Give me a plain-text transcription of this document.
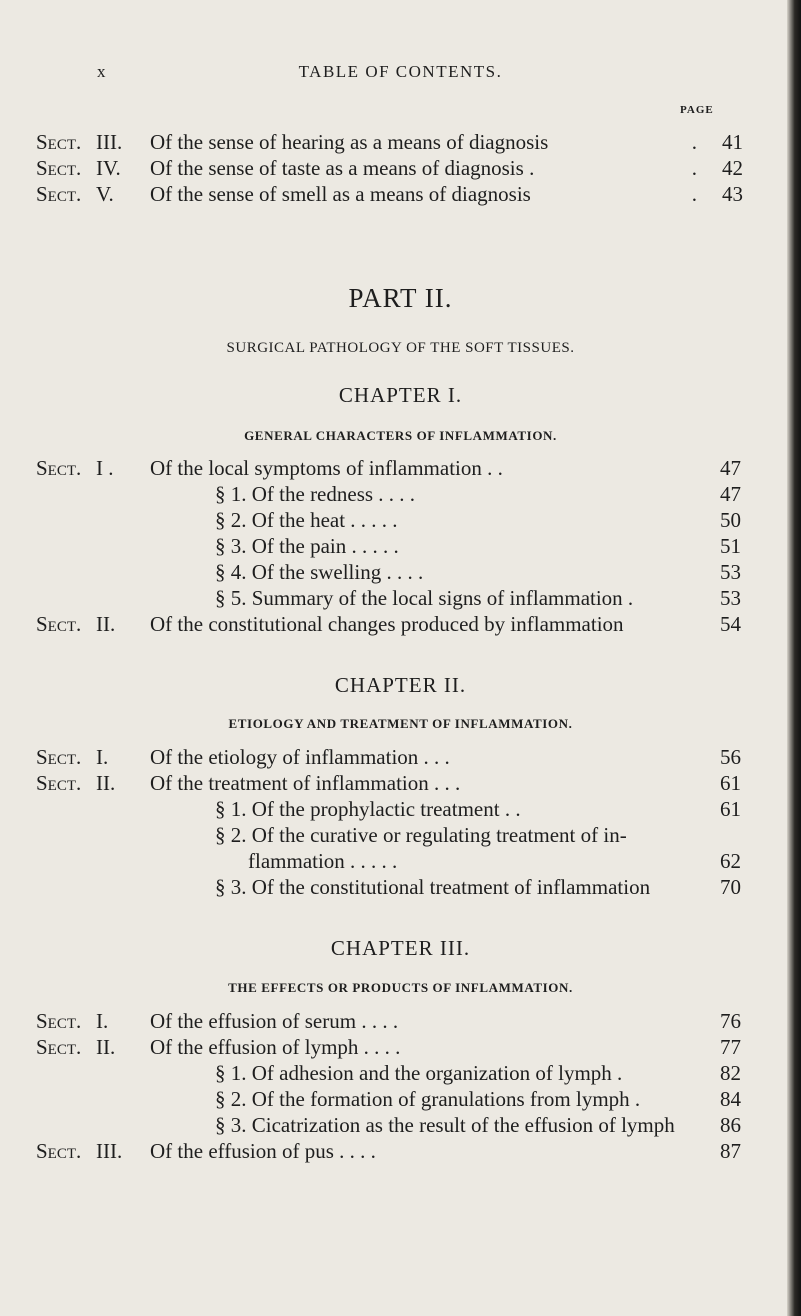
x	TABLE OF CONTENTS.
PAGE
Sect. III. Of the sense of hearing as a means of diagnosis	. 41
Sect. IV. Of the sense of taste as a means of diagnosis .	. 42
Sect. V. Of the sense of smell as a means of diagnosis	. 43
PART II.
SURGICAL PATHOLOGY OF THE SOFT TISSUES.
CHAPTER I.
GENERAL CHARACTERS OF INFLAMMATION.
Sect. I . Of the local symptoms of inflammation . .	47
§ 1. Of the redness . . . .	47
§ 2. Of the heat . . . . .	50
§ 3. Of the pain . . . . .	51
§ 4. Of the swelling . . . .	53
§ 5. Summary of the local signs of inflammation .	53
Sect. II. Of the constitutional changes produced by inflammation	54
CHAPTER II.
ETIOLOGY AND TREATMENT OF INFLAMMATION.
Sect. I. Of the etiology of inflammation . . .	56
Sect. II. Of the treatment of inflammation . . .	61
§ 1. Of the prophylactic treatment . .	61
§ 2. Of the curative or regulating treatment of in-
flammation . . . . .	62
§ 3. Of the constitutional treatment of inflammation	70
CHAPTER III.
THE EFFECTS OR PRODUCTS OF INFLAMMATION.
Sect. I. Of the effusion of serum . . . .	76
Sect. II. Of the effusion of lymph . . . .	77
§ 1. Of adhesion and the organization of lymph .	82
§ 2. Of the formation of granulations from lymph .	84
§ 3. Cicatrization as the result of the effusion of lymph 86
Sect. III. Of the effusion of pus . . . .	87
